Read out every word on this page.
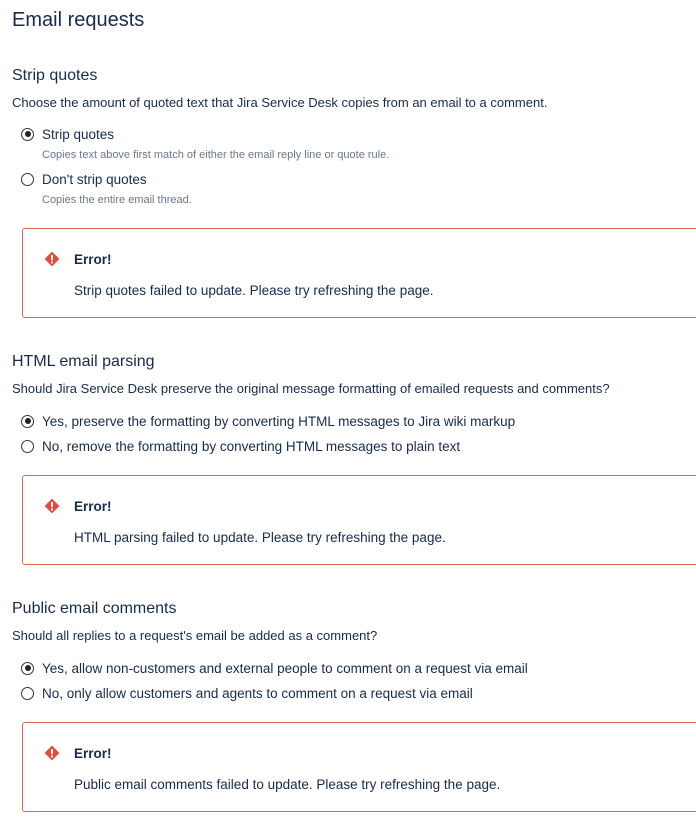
Email requests
Strip quotes

Choose the amount of quoted text that Jira Service Desk copies from an email to a comment.

Strip quotes
Copies text above first match of either the email reply line or quote rule.
Don't strip quotes
Copies the entire email thread.
Error!
Strip quotes failed to update. Please try refreshing the page.
HTML email parsing

Should Jira Service Desk preserve the original message formatting of emailed requests and comments?

Yes, preserve the formatting by converting HTML messages to Jira wiki markup
No, remove the formatting by converting HTML messages to plain text
Error!
HTML parsing failed to update. Please try refreshing the page.
Public email comments

Should all replies to a request's email be added as a comment?

Yes, allow non-customers and external people to comment on a request via email
No, only allow customers and agents to comment on a request via email
Error!
Public email comments failed to update. Please try refreshing the page.
